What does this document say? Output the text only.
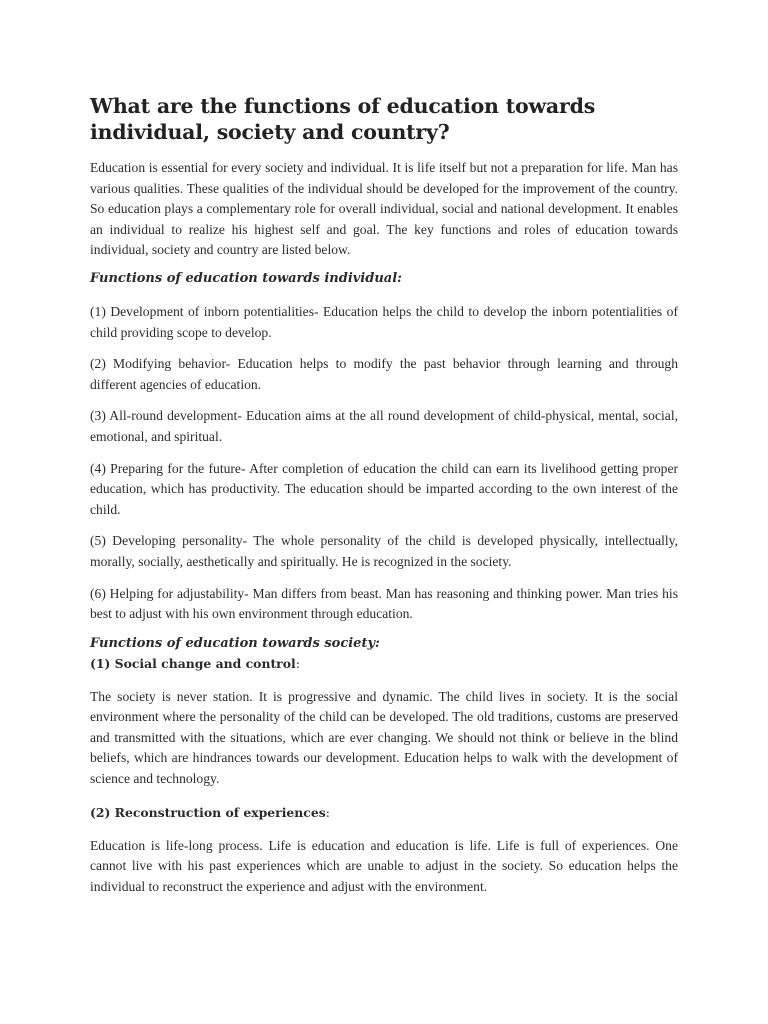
What are the functions of education towards individual, society and country?

Education is essential for every society and individual. It is life itself but not a preparation for life. Man has various qualities. These qualities of the individual should be developed for the improvement of the country. So education plays a complementary role for overall individual, social and national development. It enables an individual to realize his highest self and goal. The key functions and roles of education towards individual, society and country are listed below.

Functions of education towards individual:

(1) Development of inborn potentialities- Education helps the child to develop the inborn potentialities of child providing scope to develop.

(2) Modifying behavior- Education helps to modify the past behavior through learning and through different agencies of education.

(3) All-round development- Education aims at the all round development of child-physical, mental, social, emotional, and spiritual.

(4) Preparing for the future- After completion of education the child can earn its livelihood getting proper education, which has productivity. The education should be imparted according to the own interest of the child.

(5) Developing personality- The whole personality of the child is developed physically, intellectually, morally, socially, aesthetically and spiritually. He is recognized in the society.

(6) Helping for adjustability- Man differs from beast. Man has reasoning and thinking power. Man tries his best to adjust with his own environment through education.

Functions of education towards society:
(1) Social change and control:

The society is never station. It is progressive and dynamic. The child lives in society. It is the social environment where the personality of the child can be developed. The old traditions, customs are preserved and transmitted with the situations, which are ever changing. We should not think or believe in the blind beliefs, which are hindrances towards our development. Education helps to walk with the development of science and technology.

(2) Reconstruction of experiences:

Education is life-long process. Life is education and education is life. Life is full of experiences. One cannot live with his past experiences which are unable to adjust in the society. So education helps the individual to reconstruct the experience and adjust with the environment.
